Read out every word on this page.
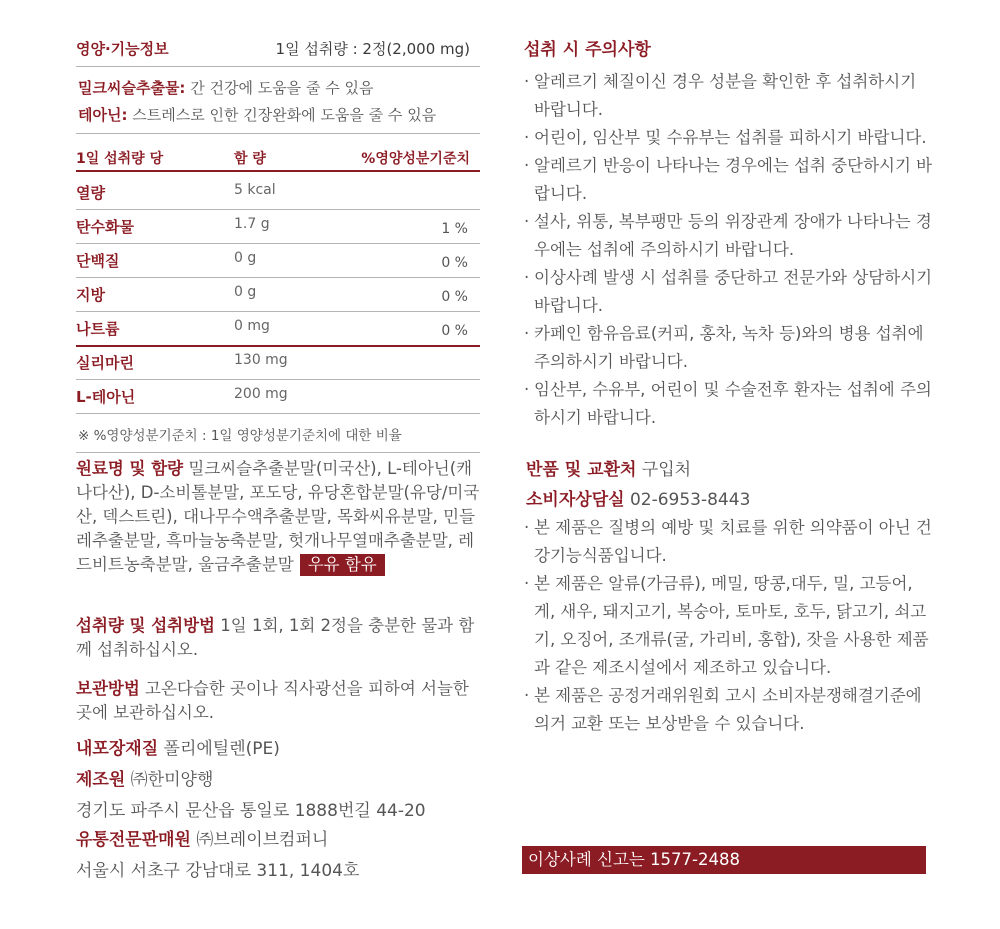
영양·기능정보	1일 섭취량 : 2정(2,000 mg)
밀크씨슬추출물: 간 건강에 도움을 줄 수 있음
테아닌: 스트레스로 인한 긴장완화에 도움을 줄 수 있음
1일 섭취량 당	함 량	%영양성분기준치
열량	5 kcal
탄수화물	1.7 g	1 %
단백질	0 g	0 %
지방	0 g	0 %
나트륨	0 mg	0 %
실리마린	130 mg
L-테아닌	200 mg
※ %영양성분기준치 : 1일 영양성분기준치에 대한 비율
원료명 및 함량 밀크씨슬추출분말(미국산), L-테아닌(캐나다산), D-소비톨분말, 포도당, 유당혼합분말(유당/미국산, 덱스트린), 대나무수액추출분말, 목화씨유분말, 민들레추출분말, 흑마늘농축분말, 헛개나무열매추출분말, 레드비트농축분말, 울금추출분말 우유 함유
섭취량 및 섭취방법 1일 1회, 1회 2정을 충분한 물과 함께 섭취하십시오.
보관방법 고온다습한 곳이나 직사광선을 피하여 서늘한 곳에 보관하십시오.
내포장재질 폴리에틸렌(PE)
제조원 ㈜한미양행
경기도 파주시 문산읍 통일로 1888번길 44-20
유통전문판매원 ㈜브레이브컴퍼니
서울시 서초구 강남대로 311, 1404호
섭취 시 주의사항
· 알레르기 체질이신 경우 성분을 확인한 후 섭취하시기 바랍니다.
· 어린이, 임산부 및 수유부는 섭취를 피하시기 바랍니다.
· 알레르기 반응이 나타나는 경우에는 섭취 중단하시기 바랍니다.
· 설사, 위통, 복부팽만 등의 위장관계 장애가 나타나는 경우에는 섭취에 주의하시기 바랍니다.
· 이상사례 발생 시 섭취를 중단하고 전문가와 상담하시기 바랍니다.
· 카페인 함유음료(커피, 홍차, 녹차 등)와의 병용 섭취에 주의하시기 바랍니다.
· 임산부, 수유부, 어린이 및 수술전후 환자는 섭취에 주의하시기 바랍니다.
반품 및 교환처 구입처
소비자상담실 02-6953-8443
· 본 제품은 질병의 예방 및 치료를 위한 의약품이 아닌 건강기능식품입니다.
· 본 제품은 알류(가금류), 메밀, 땅콩,대두, 밀, 고등어, 게, 새우, 돼지고기, 복숭아, 토마토, 호두, 닭고기, 쇠고기, 오징어, 조개류(굴, 가리비, 홍합), 잣을 사용한 제품과 같은 제조시설에서 제조하고 있습니다.
· 본 제품은 공정거래위원회 고시 소비자분쟁해결기준에 의거 교환 또는 보상받을 수 있습니다.
이상사례 신고는 1577-2488
